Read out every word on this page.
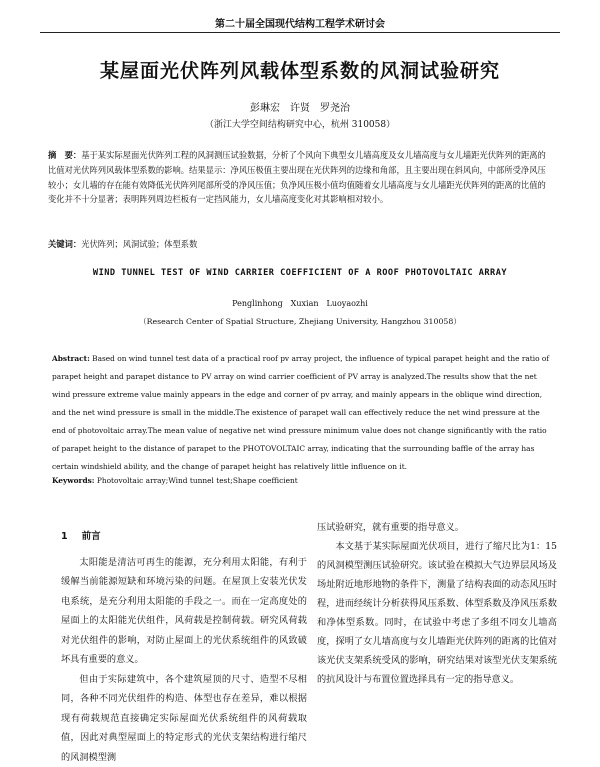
第二十届全国现代结构工程学术研讨会
某屋面光伏阵列风载体型系数的风洞试验研究
彭琳宏　许贤　罗尧治
（浙江大学空间结构研究中心，杭州 310058）
摘　要：基于某实际屋面光伏阵列工程的风洞测压试验数据，分析了个风向下典型女儿墙高度及女儿墙高度与女儿墙距光伏阵列的距离的比值对光伏阵列风载体型系数的影响。结果显示：净风压极值主要出现在光伏阵列的边缘和角部，且主要出现在斜风向，中部所受净风压较小；女儿墙的存在能有效降低光伏阵列尾部所受的净风压值；负净风压极小值均值随着女儿墙高度与女儿墙距光伏阵列的距离的比值的变化并不十分显著；表明阵列周边栏板有一定挡风能力，女儿墙高度变化对其影响相对较小。
关键词：光伏阵列；风洞试验；体型系数
WIND TUNNEL TEST OF WIND CARRIER COEFFICIENT OF A ROOF PHOTOVOLTAIC ARRAY
Penglinhong　Xuxian　Luoyaozhi
（Research Center of Spatial Structure, Zhejiang University, Hangzhou 310058）
Abstract: Based on wind tunnel test data of a practical roof pv array project, the influence of typical parapet height and the ratio of parapet height and parapet distance to PV array on wind carrier coefficient of PV array is analyzed.The results show that the net wind pressure extreme value mainly appears in the edge and corner of pv array, and mainly appears in the oblique wind direction, and the net wind pressure is small in the middle.The existence of parapet wall can effectively reduce the net wind pressure at the end of photovoltaic array.The mean value of negative net wind pressure minimum value does not change significantly with the ratio of parapet height to the distance of parapet to the PHOTOVOLTAIC array, indicating that the surrounding baffle of the array has certain windshield ability, and the change of parapet height has relatively little influence on it.
Keywords: Photovoltaic array;Wind tunnel test;Shape coefficient
1 前言

太阳能是清洁可再生的能源，充分利用太阳能，有利于缓解当前能源短缺和环境污染的问题。在屋顶上安装光伏发电系统，是充分利用太阳能的手段之一。而在一定高度处的屋面上的太阳能光伏组件，风荷载是控制荷载。研究风荷载对光伏组件的影响，对防止屋面上的光伏系统组件的风致破坏具有重要的意义。

但由于实际建筑中，各个建筑屋顶的尺寸、造型不尽相同，各种不同光伏组件的构造、体型也存在差异，难以根据现有荷载规范直接确定实际屋面光伏系统组件的风荷载取值，因此对典型屋面上的特定形式的光伏支架结构进行缩尺的风洞模型测

压试验研究，就有重要的指导意义。

本文基于某实际屋面光伏项目，进行了缩尺比为1：15的风洞模型测压试验研究。该试验在模拟大气边界层风场及场址附近地形地物的条件下，测量了结构表面的动态风压时程，进而经统计分析获得风压系数、体型系数及净风压系数和净体型系数。同时，在试验中考虑了多组不同女儿墙高度，探明了女儿墙高度与女儿墙距光伏阵列的距离的比值对该光伏支架系统受风的影响，研究结果对该型光伏支架系统的抗风设计与布置位置选择具有一定的指导意义。
